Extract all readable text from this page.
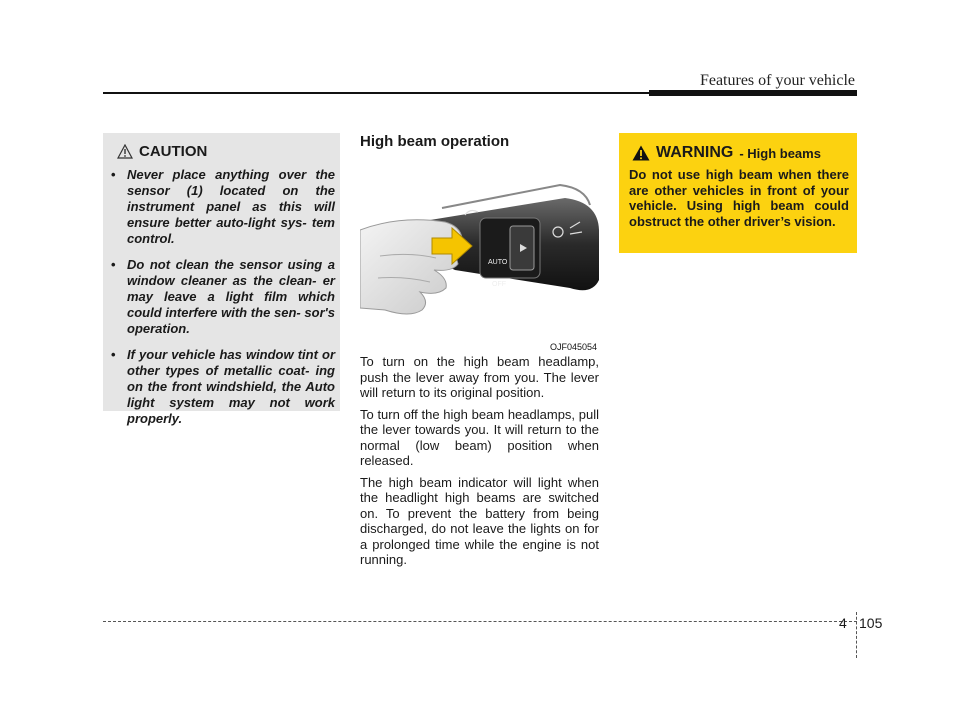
Features of your vehicle
CAUTION
• Never place anything over the sensor (1) located on the instrument panel as this will ensure better auto-light sys- tem control.
• Do not clean the sensor using a window cleaner as the clean- er may leave a light film which could interfere with the sen- sor's operation.
• If your vehicle has window tint or other types of metallic coat- ing on the front windshield, the Auto light system may not work properly.
High beam operation
AUTO
OFF
OJF045054

To turn on the high beam headlamp, push the lever away from you. The lever will return to its original position.

To turn off the high beam headlamps, pull the lever towards you. It will return to the normal (low beam) position when released.

The high beam indicator will light when the headlight high beams are switched on. To prevent the battery from being discharged, do not leave the lights on for a prolonged time while the engine is not running.

WARNING - High beams

Do not use high beam when there are other vehicles in front of your vehicle. Using high beam could obstruct the other driver’s vision.

4 105
